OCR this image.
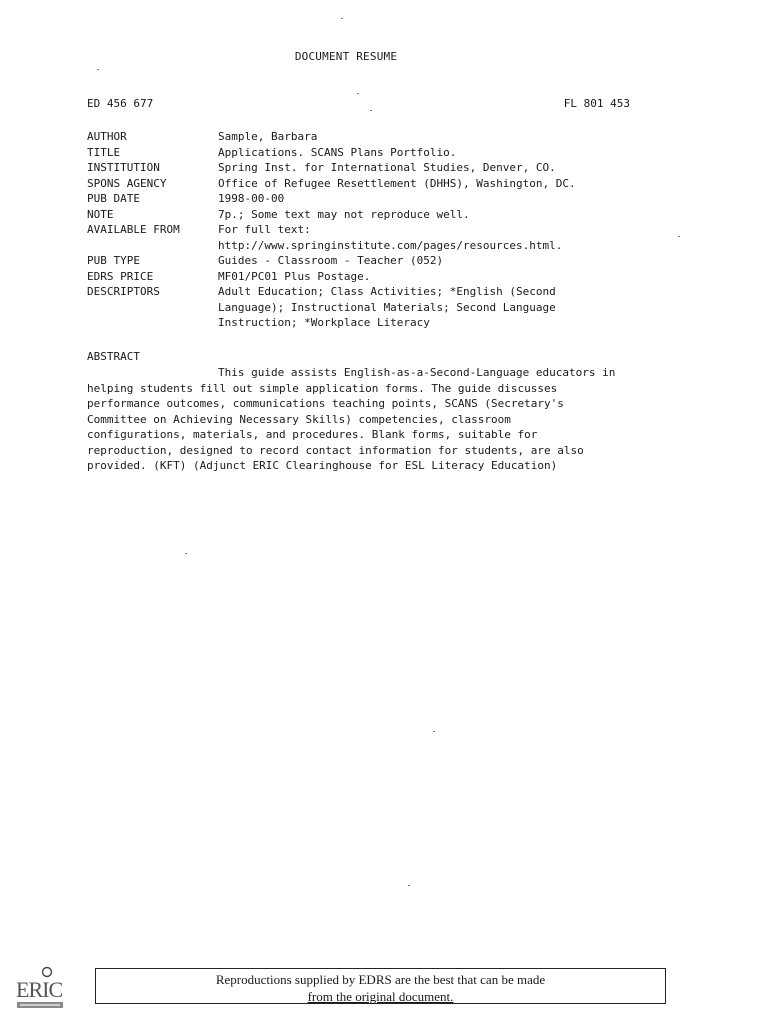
DOCUMENT RESUME
ED 456 677	FL 801 453
AUTHOR	Sample, Barbara
TITLE	Applications. SCANS Plans Portfolio.
INSTITUTION	Spring Inst. for International Studies, Denver, CO.
SPONS AGENCY	Office of Refugee Resettlement (DHHS), Washington, DC.
PUB DATE	1998-00-00
NOTE	7p.; Some text may not reproduce well.
AVAILABLE FROM	For full text:
http://www.springinstitute.com/pages/resources.html.
PUB TYPE	Guides - Classroom - Teacher (052)
EDRS PRICE	MF01/PC01 Plus Postage.
DESCRIPTORS	Adult Education; Class Activities; *English (Second
Language); Instructional Materials; Second Language
Instruction; *Workplace Literacy
ABSTRACT
This guide assists English-as-a-Second-Language educators in
helping students fill out simple application forms. The guide discusses
performance outcomes, communications teaching points, SCANS (Secretary's
Committee on Achieving Necessary Skills) competencies, classroom
configurations, materials, and procedures. Blank forms, suitable for
reproduction, designed to record contact information for students, are also
provided. (KFT) (Adjunct ERIC Clearinghouse for ESL Literacy Education)
ERIC	Reproductions supplied by EDRS are the best that can be made
from the original document.
